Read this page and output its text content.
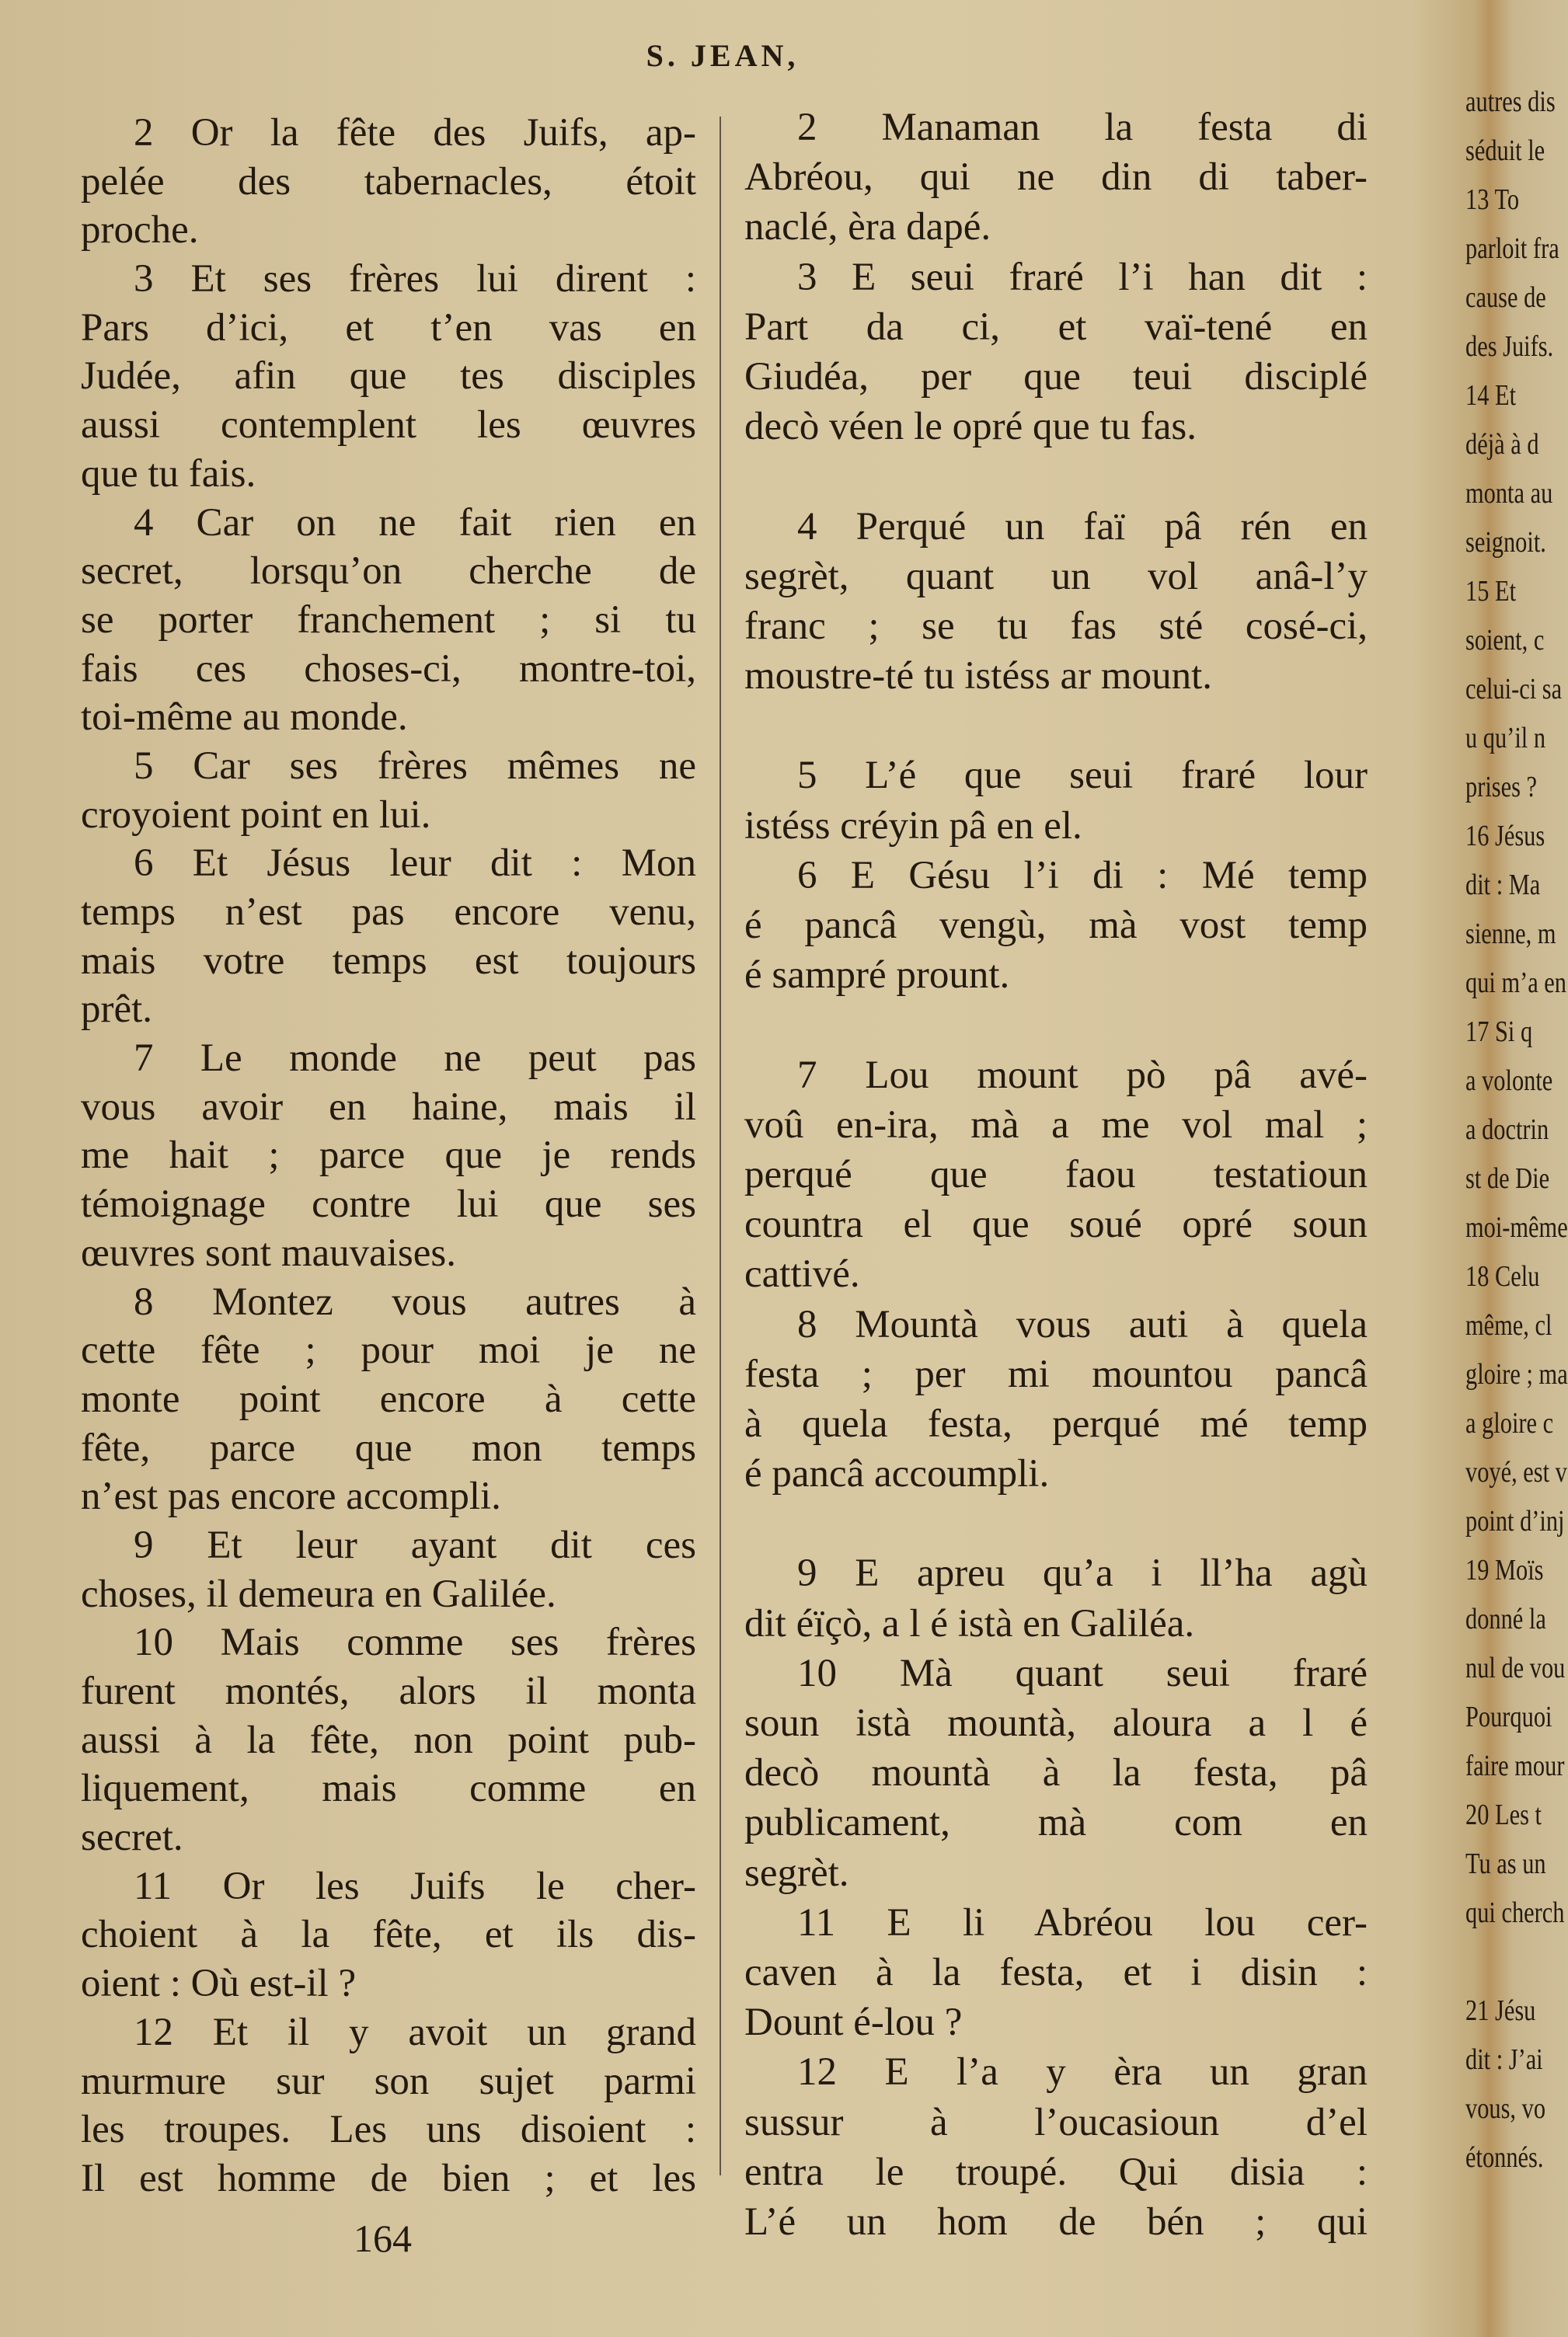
S. JEAN,
2 Or la fête des Juifs, ap-
pelée des tabernacles, étoit
proche.
3 Et ses frères lui dirent :
Pars d’ici, et t’en vas en
Judée, afin que tes disciples
aussi contemplent les œuvres
que tu fais.
4 Car on ne fait rien en
secret, lorsqu’on cherche de
se porter franchement ; si tu
fais ces choses-ci, montre-toi,
toi-même au monde.
5 Car ses frères mêmes ne
croyoient point en lui.
6 Et Jésus leur dit : Mon
temps n’est pas encore venu,
mais votre temps est toujours
prêt.
7 Le monde ne peut pas
vous avoir en haine, mais il
me hait ; parce que je rends
témoignage contre lui que ses
œuvres sont mauvaises.
8 Montez vous autres à
cette fête ; pour moi je ne
monte point encore à cette
fête, parce que mon temps
n’est pas encore accompli.
9 Et leur ayant dit ces
choses, il demeura en Galilée.
10 Mais comme ses frères
furent montés, alors il monta
aussi à la fête, non point pub-
liquement, mais comme en
secret.
11 Or les Juifs le cher-
choient à la fête, et ils dis-
oient : Où est-il ?
12 Et il y avoit un grand
murmure sur son sujet parmi
les troupes. Les uns disoient :
Il est homme de bien ; et les
2 Manaman la festa di
Abréou, qui ne din di taber-
naclé, èra dapé.
3 E seui fraré l’i han dit :
Part da ci, et vaï-tené en
Giudéa, per que teui disciplé
decò véen le opré que tu fas.
4 Perqué un faï pâ rén en
segrèt, quant un vol anâ-l’y
franc ; se tu fas sté cosé-ci,
moustre-té tu istéss ar mount.
5 L’é que seui fraré lour
istéss créyin pâ en el.
6 E Gésu l’i di : Mé temp
é pancâ vengù, mà vost temp
é sampré prount.
7 Lou mount pò pâ avé-
voû en-ira, mà a me vol mal ;
perqué que faou testatioun
countra el que soué opré soun
cattivé.
8 Mountà vous auti à quela
festa ; per mi mountou pancâ
à quela festa, perqué mé temp
é pancâ accoumpli.
9 E apreu qu’a i ll’ha agù
dit éïçò, a l é istà en Galiléa.
10 Mà quant seui fraré
soun istà mountà, aloura a l é
decò mountà à la festa, pâ
publicament, mà com en
segrèt.
11 E li Abréou lou cer-
caven à la festa, et i disin :
Dount é-lou ?
12 E l’a y èra un gran
sussur à l’oucasioun d’el
entra le troupé. Qui disia :
L’é un hom de bén ; qui
164
autres dis
séduit le
13 To
parloit fra
cause de
des Juifs.
14 Et
déjà à d
monta au
seignoit.
15 Et
soient, c
celui-ci sa
u qu’il n
prises ?
16 Jésus
dit : Ma
sienne, m
qui m’a en
17 Si q
a volonte
a doctrin
st de Die
moi-même
18 Celu
même, cl
gloire ; ma
a gloire c
voyé, est v
point d’inj
19 Moïs
donné la
nul de vou
Pourquoi
faire mour
20 Les t
Tu as un
qui cherch
21 Jésu
dit : J’ai
vous, vo
étonnés.
